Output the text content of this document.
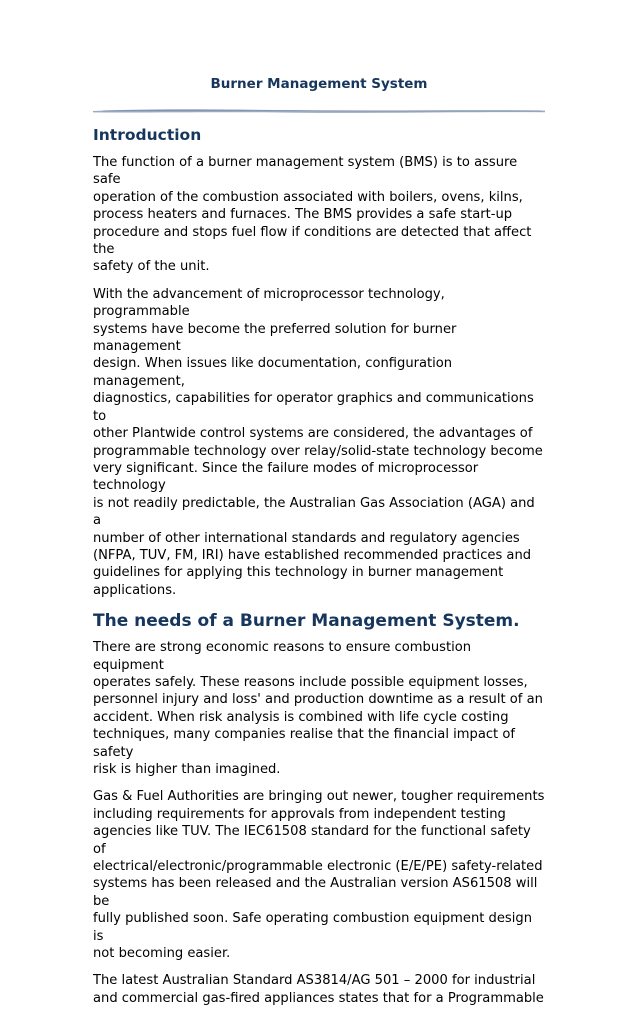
Burner Management System
Introduction

The function of a burner management system (BMS) is to assure safe
operation of the combustion associated with boilers, ovens, kilns,
process heaters and furnaces. The BMS provides a safe start-up
procedure and stops fuel flow if conditions are detected that affect the
safety of the unit.

With the advancement of microprocessor technology, programmable
systems have become the preferred solution for burner management
design. When issues like documentation, configuration management,
diagnostics, capabilities for operator graphics and communications to
other Plantwide control systems are considered, the advantages of
programmable technology over relay/solid-state technology become
very significant. Since the failure modes of microprocessor technology
is not readily predictable, the Australian Gas Association (AGA) and a
number of other international standards and regulatory agencies
(NFPA, TUV, FM, IRI) have established recommended practices and
guidelines for applying this technology in burner management
applications.

The needs of a Burner Management System.

There are strong economic reasons to ensure combustion equipment
operates safely. These reasons include possible equipment losses,
personnel injury and loss' and production downtime as a result of an
accident. When risk analysis is combined with life cycle costing
techniques, many companies realise that the financial impact of safety
risk is higher than imagined.

Gas & Fuel Authorities are bringing out newer, tougher requirements
including requirements for approvals from independent testing
agencies like TUV. The IEC61508 standard for the functional safety of
electrical/electronic/programmable electronic (E/E/PE) safety-related
systems has been released and the Australian version AS61508 will be
fully published soon. Safe operating combustion equipment design is
not becoming easier.

The latest Australian Standard AS3814/AG 501 – 2000 for industrial
and commercial gas-fired appliances states that for a Programmable
